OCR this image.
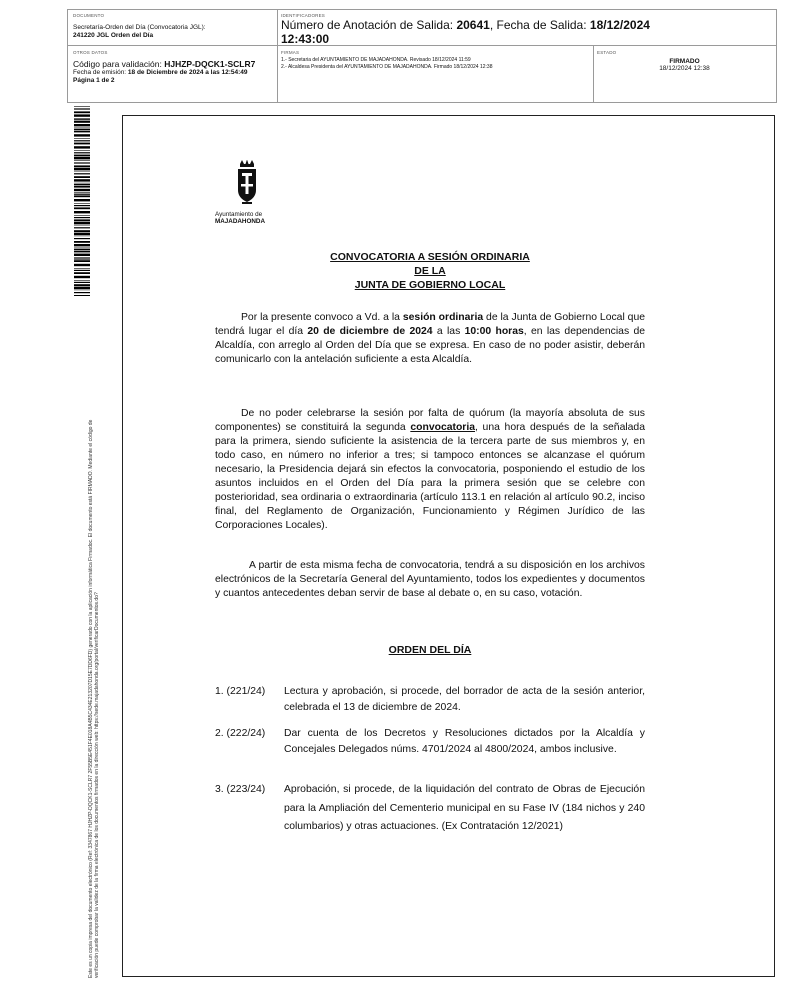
DOCUMENTO
Secretaría-Orden del Día (Convocatoria JGL):
241220 JGL Orden del Día
IDENTIFICADORES
Número de Anotación de Salida: 20641, Fecha de Salida: 18/12/2024
12:43:00
OTROS DATOS
Código para validación: HJHZP-DQCK1-SCLR7
Fecha de emisión: 18 de Diciembre de 2024 a las 12:54:49
Página 1 de 2
FIRMAS
1.- Secretaria del AYUNTAMIENTO DE MAJADAHONDA. Revisado 18/12/2024 11:59
2.- Alcaldesa Presidenta del AYUNTAMIENTO DE MAJADAHONDA. Firmado 18/12/2024 12:38
ESTADO
FIRMADO
18/12/2024 12:38
Este es un copia impresa del documento electrónico (Ref: 3347867 HJHZP-DQCK1-SCLR7 2F55B5E451F4E018A4B5C434E213207D15E7DD6FD) generado con la aplicación informática Firmadoc. El documento está FIRMADO. Mediante el código de verificación puede comprobar la validez de la firma electrónica de los documentos firmados en la dirección web: https://sede.majadahonda.org/portal/verificarDocumentos.do?
Ayuntamiento de
MAJADAHONDA
CONVOCATORIA A SESIÓN ORDINARIA
DE LA
JUNTA DE GOBIERNO LOCAL
Por la presente convoco a Vd. a la sesión ordinaria de la Junta de Gobierno Local que tendrá lugar el día 20 de diciembre de 2024 a las 10:00 horas, en las dependencias de Alcaldía, con arreglo al Orden del Día que se expresa. En caso de no poder asistir, deberán comunicarlo con la antelación suficiente a esta Alcaldía.
De no poder celebrarse la sesión por falta de quórum (la mayoría absoluta de sus componentes) se constituirá la segunda convocatoria, una hora después de la señalada para la primera, siendo suficiente la asistencia de la tercera parte de sus miembros y, en todo caso, en número no inferior a tres; si tampoco entonces se alcanzase el quórum necesario, la Presidencia dejará sin efectos la convocatoria, posponiendo el estudio de los asuntos incluidos en el Orden del Día para la primera sesión que se celebre con posterioridad, sea ordinaria o extraordinaria (artículo 113.1 en relación al artículo 90.2, inciso final, del Reglamento de Organización, Funcionamiento y Régimen Jurídico de las Corporaciones Locales).
A partir de esta misma fecha de convocatoria, tendrá a su disposición en los archivos electrónicos de la Secretaría General del Ayuntamiento, todos los expedientes y documentos y cuantos antecedentes deban servir de base al debate o, en su caso, votación.
ORDEN DEL DÍA
1. (221/24)	Lectura y aprobación, si procede, del borrador de acta de la sesión anterior, celebrada el 13 de diciembre de 2024.
2. (222/24)	Dar cuenta de los Decretos y Resoluciones dictados por la Alcaldía y Concejales Delegados núms. 4701/2024 al 4800/2024, ambos inclusive.
3. (223/24)	Aprobación, si procede, de la liquidación del contrato de Obras de Ejecución para la Ampliación del Cementerio municipal en su Fase IV (184 nichos y 240 columbarios) y otras actuaciones. (Ex Contratación 12/2021)
